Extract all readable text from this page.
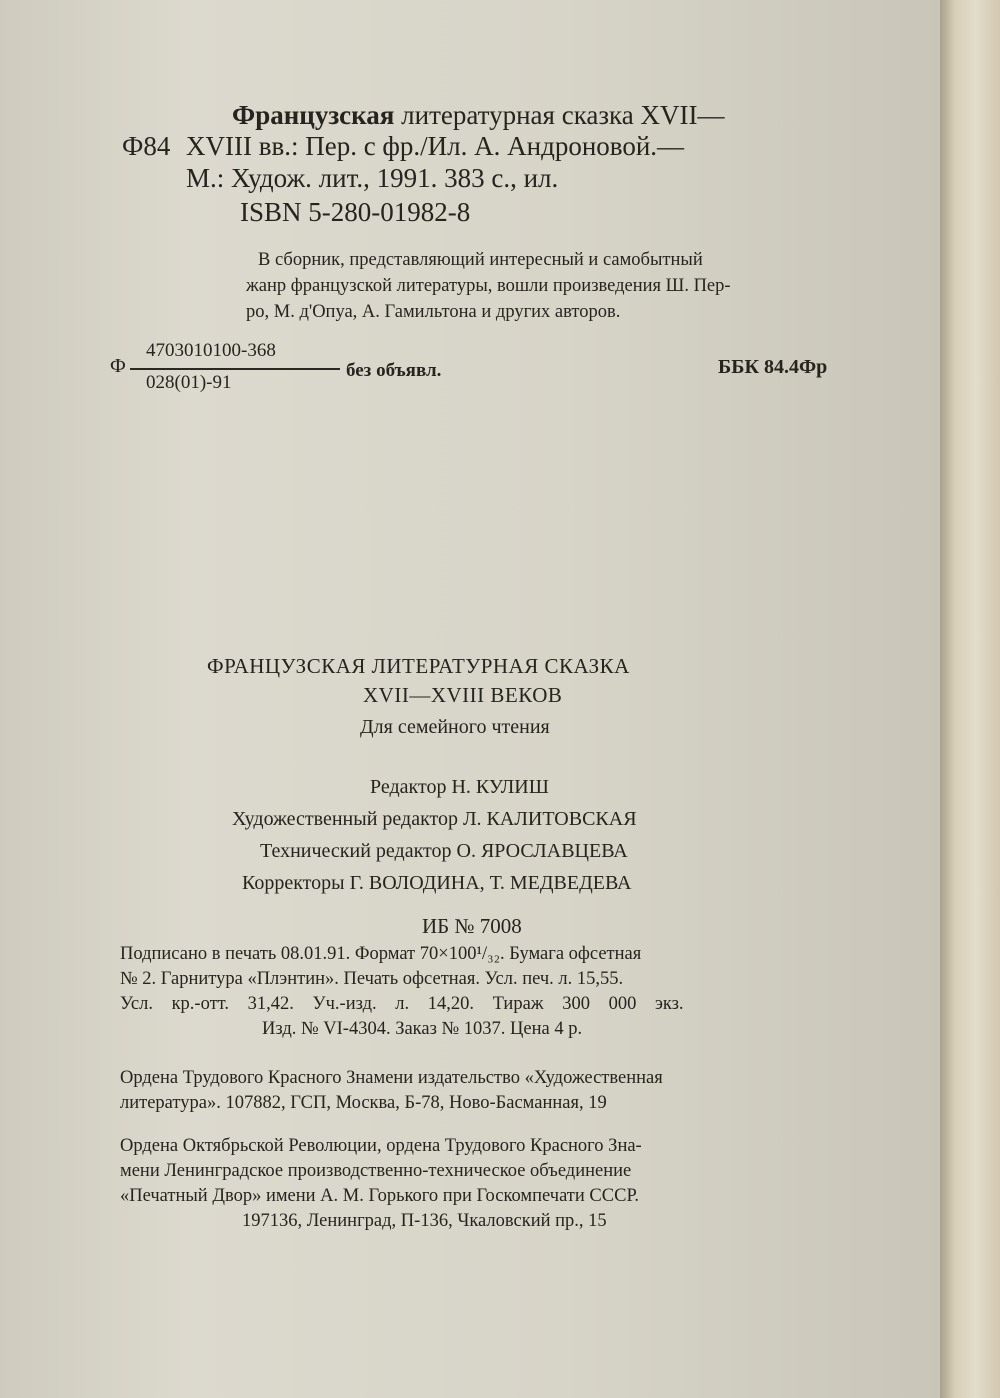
Французская литературная сказка XVII—
Ф84 XVIII вв.: Пер. с фр./Ил. А. Андроновой.—
М.: Худож. лит., 1991. 383 с., ил.
ISBN 5-280-01982-8
В сборник, представляющий интересный и самобытный
жанр французской литературы, вошли произведения Ш. Пер-
ро, М. д'Опуа, А. Гамильтона и других авторов.
Ф
4703010100-368
028(01)-91
без объявл.	ББК 84.4Фр
ФРАНЦУЗСКАЯ ЛИТЕРАТУРНАЯ СКАЗКА
XVII—XVIII ВЕКОВ
Для семейного чтения
Редактор Н. КУЛИШ
Художественный редактор Л. КАЛИТОВСКАЯ
Технический редактор О. ЯРОСЛАВЦЕВА
Корректоры Г. ВОЛОДИНА, Т. МЕДВЕДЕВА
ИБ № 7008
Подписано в печать 08.01.91. Формат 70×100¹/₃₂. Бумага офсетная
№ 2. Гарнитура «Плэнтин». Печать офсетная. Усл. печ. л. 15,55.
Усл. кр.-отт. 31,42. Уч.-изд. л. 14,20. Тираж 300 000 экз.
Изд. № VI-4304. Заказ № 1037. Цена 4 р.
Ордена Трудового Красного Знамени издательство «Художественная
литература». 107882, ГСП, Москва, Б-78, Ново-Басманная, 19
Ордена Октябрьской Революции, ордена Трудового Красного Зна-
мени Ленинградское производственно-техническое объединение
«Печатный Двор» имени А. М. Горького при Госкомпечати СССР.
197136, Ленинград, П-136, Чкаловский пр., 15
